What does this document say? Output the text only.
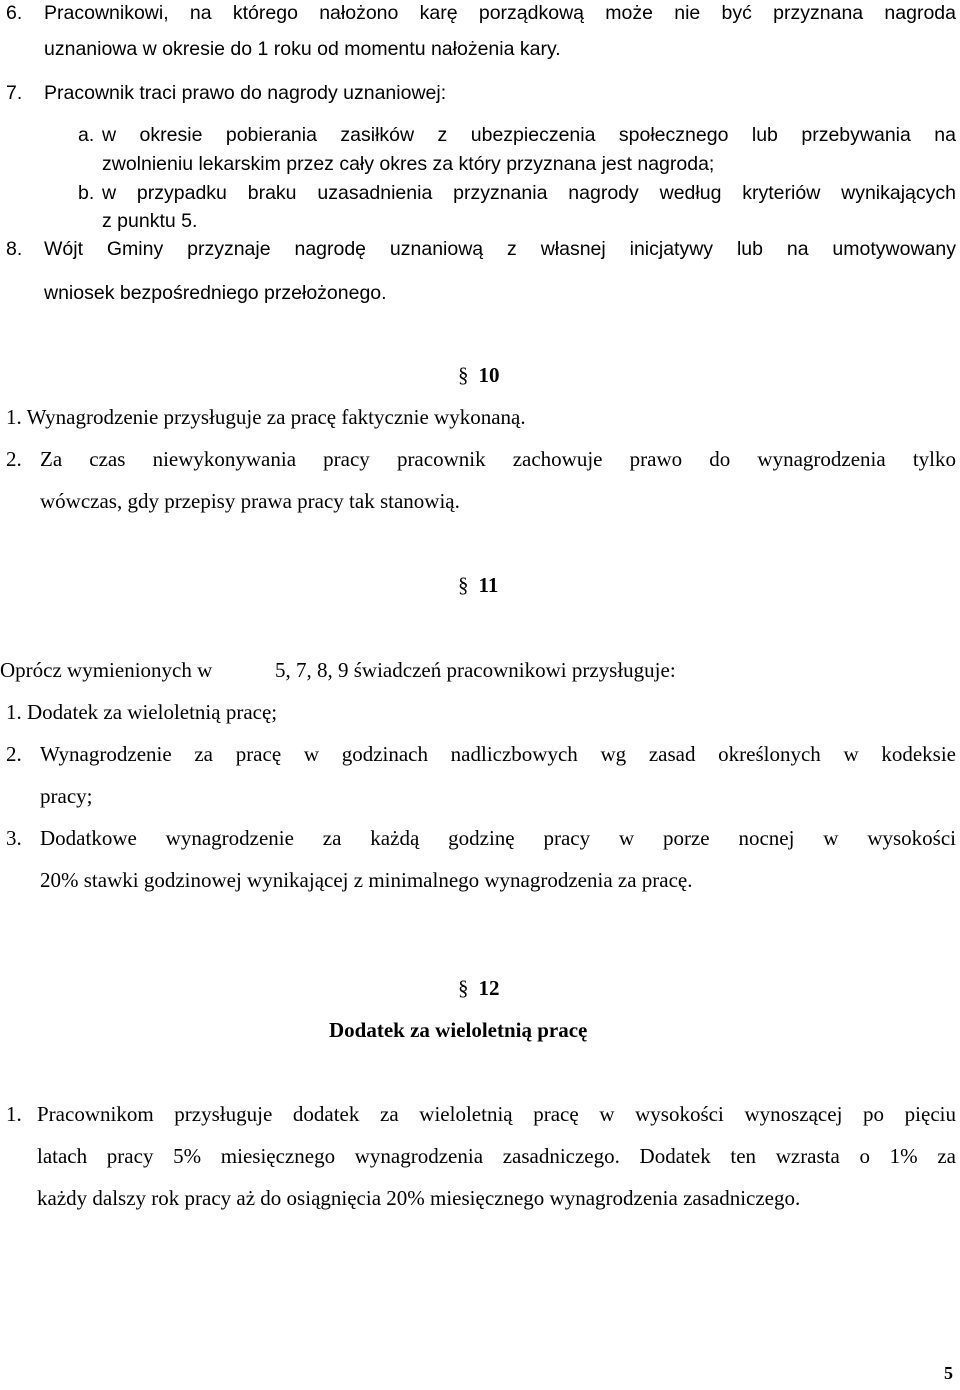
6. Pracownikowi, na którego nałożono karę porządkową może nie być przyznana nagroda
uznaniowa w okresie do 1 roku od momentu nałożenia kary.
7. Pracownik traci prawo do nagrody uznaniowej:
a. w okresie pobierania zasiłków z ubezpieczenia społecznego lub przebywania na
zwolnieniu lekarskim przez cały okres za który przyznana jest nagroda;
b. w przypadku braku uzasadnienia przyznania nagrody według kryteriów wynikających
z punktu 5.
8. Wójt Gminy przyznaje nagrodę uznaniową z własnej inicjatywy lub na umotywowany
wniosek bezpośredniego przełożonego.
§ 10
1. Wynagrodzenie przysługuje za pracę faktycznie wykonaną.
2. Za czas niewykonywania pracy pracownik zachowuje prawo do wynagrodzenia tylko
wówczas, gdy przepisy prawa pracy tak stanowią.
§ 11
Oprócz wymienionych w	5, 7, 8, 9 świadczeń pracownikowi przysługuje:
1. Dodatek za wieloletnią pracę;
2. Wynagrodzenie za pracę w godzinach nadliczbowych wg zasad określonych w kodeksie
pracy;
3. Dodatkowe wynagrodzenie za każdą godzinę pracy w porze nocnej w wysokości
20% stawki godzinowej wynikającej z minimalnego wynagrodzenia za pracę.
§ 12
Dodatek za wieloletnią pracę
1. Pracownikom przysługuje dodatek za wieloletnią pracę w wysokości wynoszącej po pięciu
latach pracy 5% miesięcznego wynagrodzenia zasadniczego. Dodatek ten wzrasta o 1% za
każdy dalszy rok pracy aż do osiągnięcia 20% miesięcznego wynagrodzenia zasadniczego.
5
